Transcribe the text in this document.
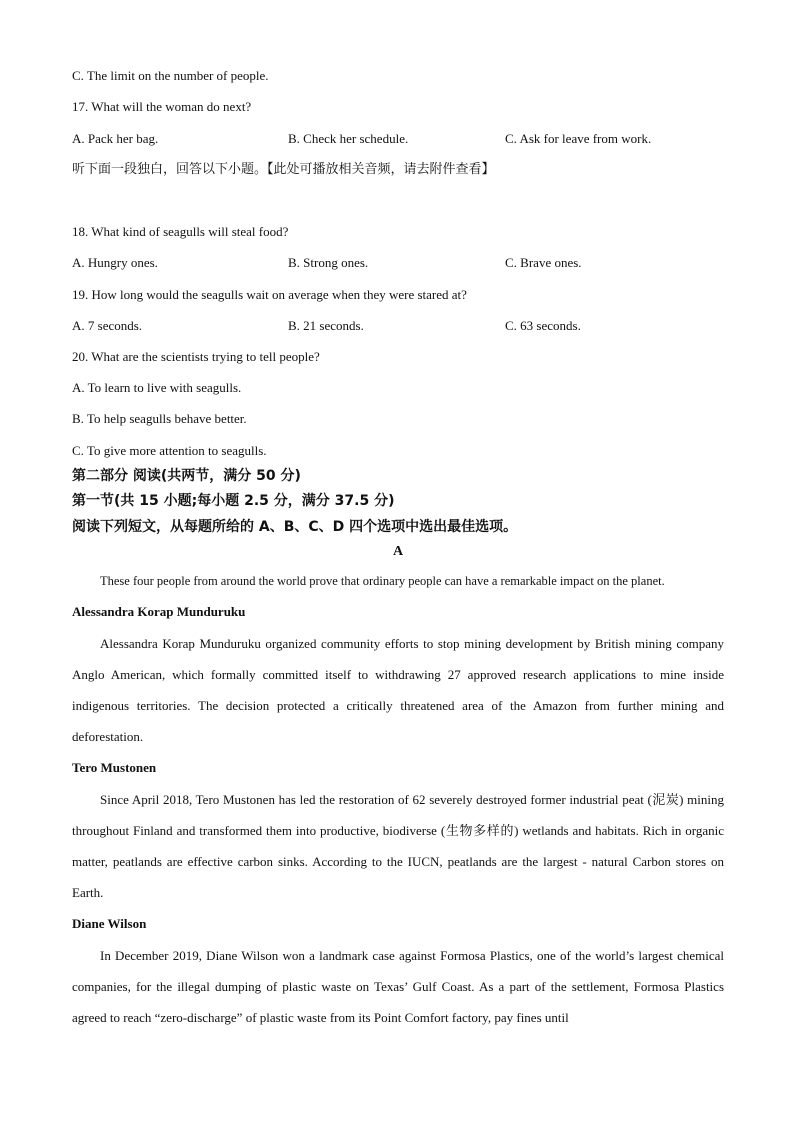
C. The limit on the number of people.
17. What will the woman do next?
A. Pack her bag.	B. Check her schedule.	C. Ask for leave from work.
听下面一段独白，回答以下小题。【此处可播放相关音频，请去附件查看】
18. What kind of seagulls will steal food?
A. Hungry ones.	B. Strong ones.	C. Brave ones.
19. How long would the seagulls wait on average when they were stared at?
A. 7 seconds.	B. 21 seconds.	C. 63 seconds.
20. What are the scientists trying to tell people?
A. To learn to live with seagulls.
B. To help seagulls behave better.
C. To give more attention to seagulls.
第二部分 阅读(共两节，满分 50 分)
第一节(共 15 小题;每小题 2.5 分，满分 37.5 分)
阅读下列短文，从每题所给的 A、B、C、D 四个选项中选出最佳选项。
A
These four people from around the world prove that ordinary people can have a remarkable impact on the planet.
Alessandra Korap Munduruku
Alessandra Korap Munduruku organized community efforts to stop mining development by British mining company Anglo American, which formally committed itself to withdrawing 27 approved research applications to mine inside indigenous territories. The decision protected a critically threatened area of the Amazon from further mining and deforestation.
Tero Mustonen
Since April 2018, Tero Mustonen has led the restoration of 62 severely destroyed former industrial peat (泥炭) mining throughout Finland and transformed them into productive, biodiverse (生物多样的) wetlands and habitats. Rich in organic matter, peatlands are effective carbon sinks. According to the IUCN, peatlands are the largest - natural Carbon stores on Earth.
Diane Wilson
In December 2019, Diane Wilson won a landmark case against Formosa Plastics, one of the world’s largest chemical companies, for the illegal dumping of plastic waste on Texas’ Gulf Coast. As a part of the settlement, Formosa Plastics agreed to reach “zero-discharge” of plastic waste from its Point Comfort factory, pay fines until
